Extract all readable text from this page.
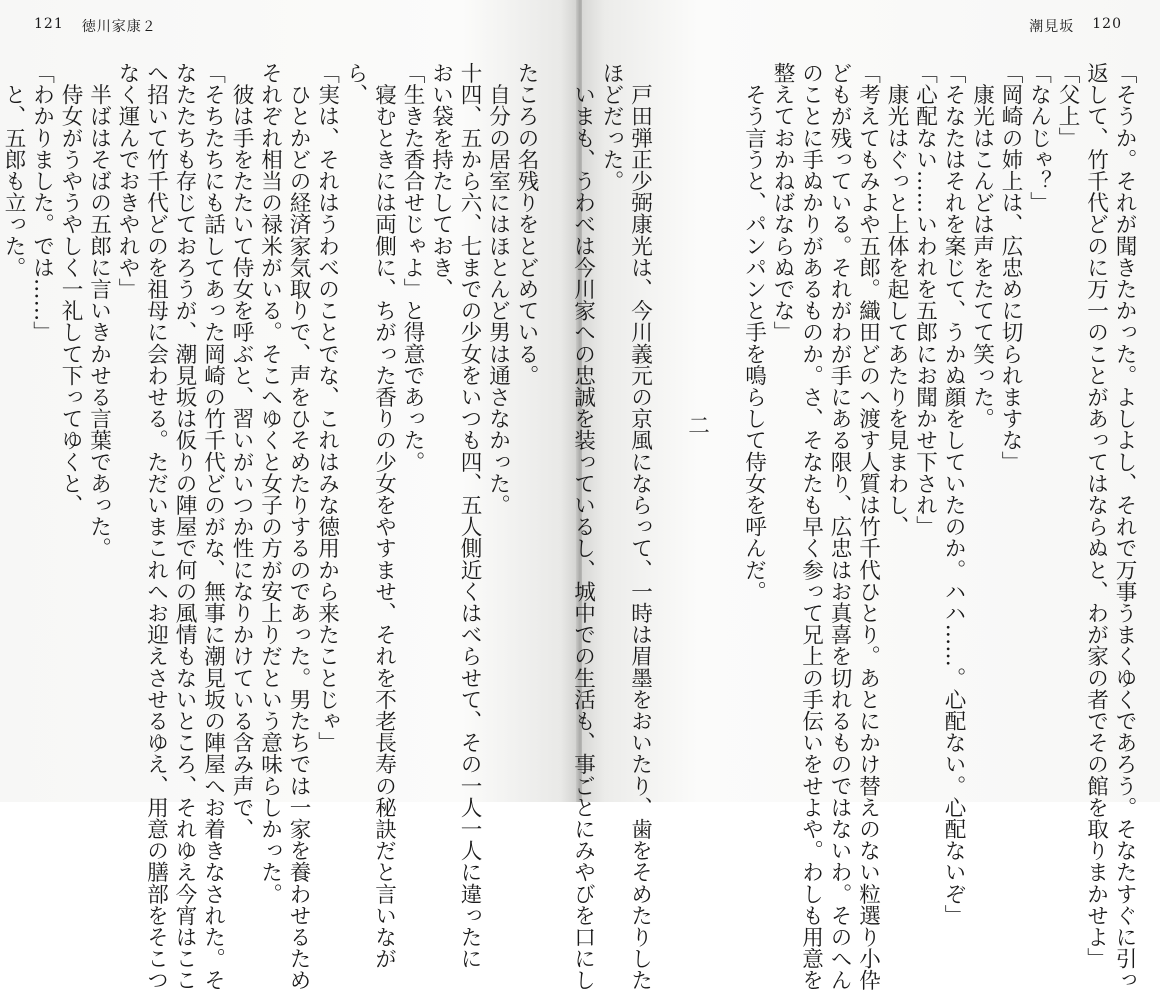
121 徳川家康２
たころの名残りをとどめている。
　自分の居室にはほとんど男は通さなかった。
十四、五から六、七までの少女をいつも四、五人側近くはべらせて、その一人一人に違ったに
おい袋を持たしておき、
「生きた香合せじゃよ」と得意であった。
　寝むときには両側に、ちがった香りの少女をやすませ、それを不老長寿の秘訣だと言いなが
ら、
「実は、それはうわべのことでな、これはみな徳用から来たことじゃ」
　ひとかどの経済家気取りで、声をひそめたりするのであった。男たちでは一家を養わせるため
それぞれ相当の禄米がいる。そこへゆくと女子の方が安上りだという意味らしかった。
　彼は手をたたいて侍女を呼ぶと、習いがいつか性になりかけている含み声で、
「そちたちにも話してあった岡崎の竹千代どのがな、無事に潮見坂の陣屋へお着きなされた。そ
なたたちも存じておろうが、潮見坂は仮りの陣屋で何の風情もないところ、それゆえ今宵はここ
へ招いて竹千代どのを祖母に会わせる。ただいまこれへお迎えさせるゆえ、用意の膳部をそこつ
なく運んでおきやれや」
　半ばはそばの五郎に言いきかせる言葉であった。
　侍女がうやうやしく一礼して下ってゆくと、
「わかりました。では……」
　と、五郎も立った。
潮見坂 120
「そうか。それが聞きたかった。よしよし、それで万事うまくゆくであろう。そなたすぐに引っ
返して、竹千代どのに万一のことがあってはならぬと、わが家の者でその館を取りまかせよ」
「父上」
「なんじゃ？」
「岡崎の姉上は、広忠めに切られますな」
　康光はこんどは声をたてて笑った。
「そなたはそれを案じて、うかぬ顔をしていたのか。ハハ……。心配ない。心配ないぞ」
「心配ない……いわれを五郎にお聞かせ下され」
　康光はぐっと上体を起してあたりを見まわし、
「考えてもみよや五郎。織田どのへ渡す人質は竹千代ひとり。あとにかけ替えのない粒選り小伜
どもが残っている。それがわが手にある限り、広忠はお真喜を切れるものではないわ。そのへん
のことに手ぬかりがあるものか。さ、そなたも早く参って兄上の手伝いをせよや。わしも用意を
整えておかねばならぬでな」
　そう言うと、パンパンと手を鳴らして侍女を呼んだ。

二

　戸田弾正少弼康光は、今川義元の京風にならって、一時は眉墨をおいたり、歯をそめたりした
ほどだった。
　いまも、うわべは今川家への忠誠を装っているし、城中での生活も、事ごとにみやびを口にし
